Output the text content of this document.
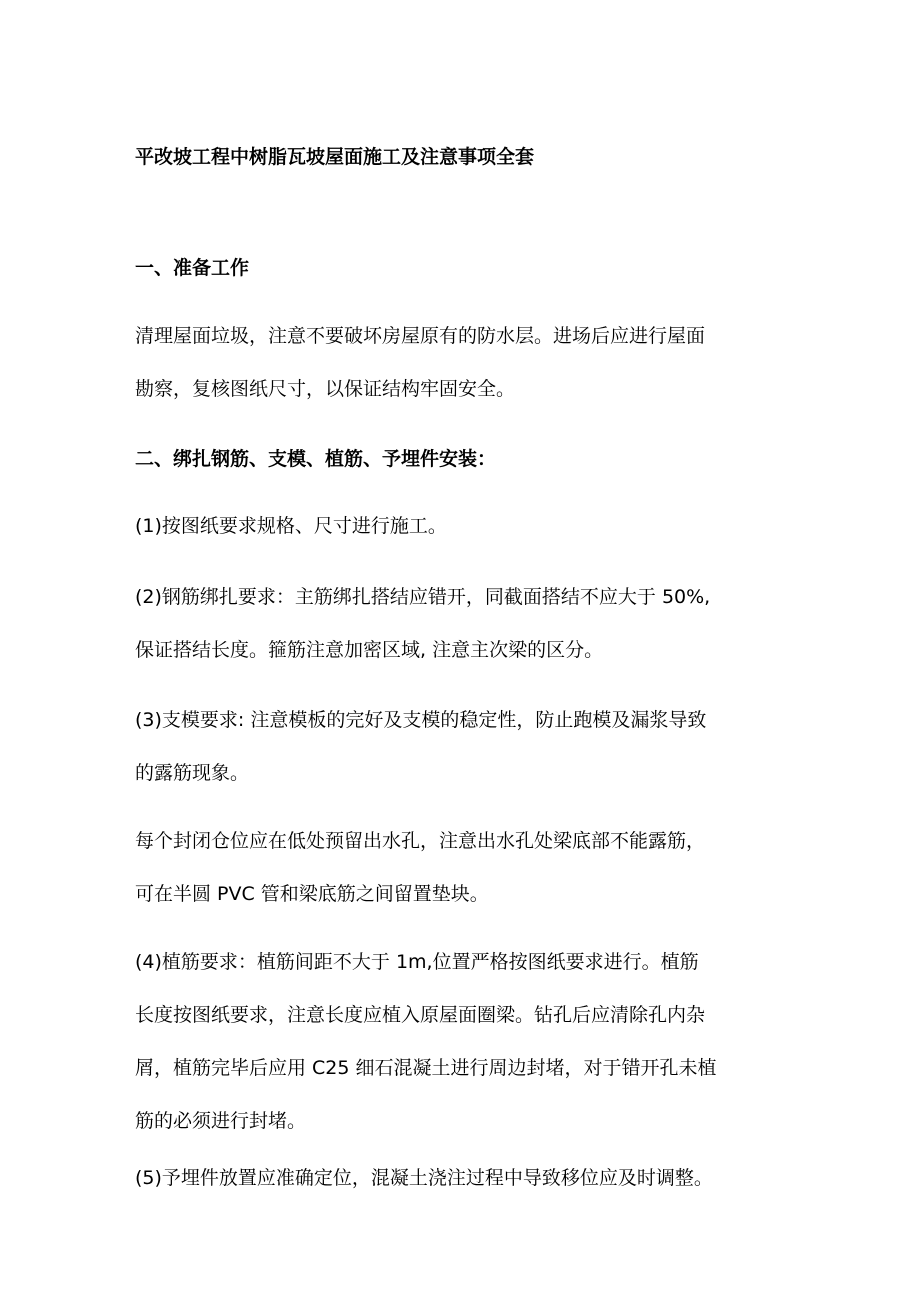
平改坡工程中树脂瓦坡屋面施工及注意事项全套
一、准备工作
清理屋面垃圾，注意不要破坏房屋原有的防水层。进场后应进行屋面
勘察，复核图纸尺寸，以保证结构牢固安全。
二、绑扎钢筋、支模、植筋、予埋件安装：
(1)按图纸要求规格、尺寸进行施工。
(2)钢筋绑扎要求：主筋绑扎搭结应错开，同截面搭结不应大于 50%,
保证搭结长度。箍筋注意加密区域, 注意主次梁的区分。
(3)支模要求: 注意模板的完好及支模的稳定性，防止跑模及漏浆导致
的露筋现象。
每个封闭仓位应在低处预留出水孔，注意出水孔处梁底部不能露筋，
可在半圆 PVC 管和梁底筋之间留置垫块。
(4)植筋要求：植筋间距不大于 1m,位置严格按图纸要求进行。植筋
长度按图纸要求，注意长度应植入原屋面圈梁。钻孔后应清除孔内杂
屑，植筋完毕后应用 C25 细石混凝土进行周边封堵，对于错开孔未植
筋的必须进行封堵。
(5)予埋件放置应准确定位，混凝土浇注过程中导致移位应及时调整。
